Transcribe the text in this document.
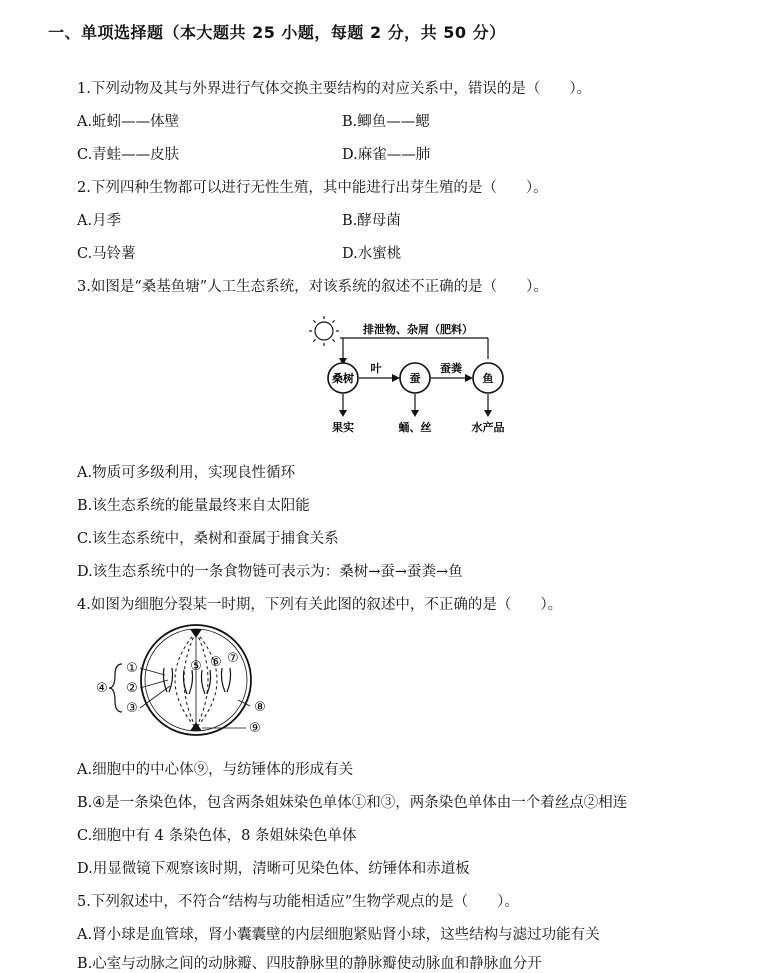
一、单项选择题（本大题共 25 小题，每题 2 分，共 50 分）
1.下列动物及其与外界进行气体交换主要结构的对应关系中，错误的是（　　）。
A.蚯蚓——体壁	B.鲫鱼——鳃
C.青蛙——皮肤	D.麻雀——肺
2.下列四种生物都可以进行无性生殖，其中能进行出芽生殖的是（　　）。
A.月季	B.酵母菌
C.马铃薯	D.水蜜桃
3.如图是“桑基鱼塘”人工生态系统，对该系统的叙述不正确的是（　　）。
排泄物、杂屑（肥料）
桑树	蚕	鱼
叶	蚕粪
果实	蛹、丝	水产品
A.物质可多级利用，实现良性循环
B.该生态系统的能量最终来自太阳能
C.该生态系统中，桑树和蚕属于捕食关系
D.该生态系统中的一条食物链可表示为：桑树→蚕→蚕粪→鱼
4.如图为细胞分裂某一时期，下列有关此图的叙述中，不正确的是（　　）。
①
②
③
④
⑤ ⑥ ⑦
⑧
⑨
A.细胞中的中心体⑨，与纺锤体的形成有关
B.④是一条染色体，包含两条姐妹染色单体①和③，两条染色单体由一个着丝点②相连
C.细胞中有 4 条染色体，8 条姐妹染色单体
D.用显微镜下观察该时期，清晰可见染色体、纺锤体和赤道板
5.下列叙述中，不符合“结构与功能相适应”生物学观点的是（　　）。
A.肾小球是血管球，肾小囊囊壁的内层细胞紧贴肾小球，这些结构与滤过功能有关
B.心室与动脉之间的动脉瓣、四肢静脉里的静脉瓣使动脉血和静脉血分开
